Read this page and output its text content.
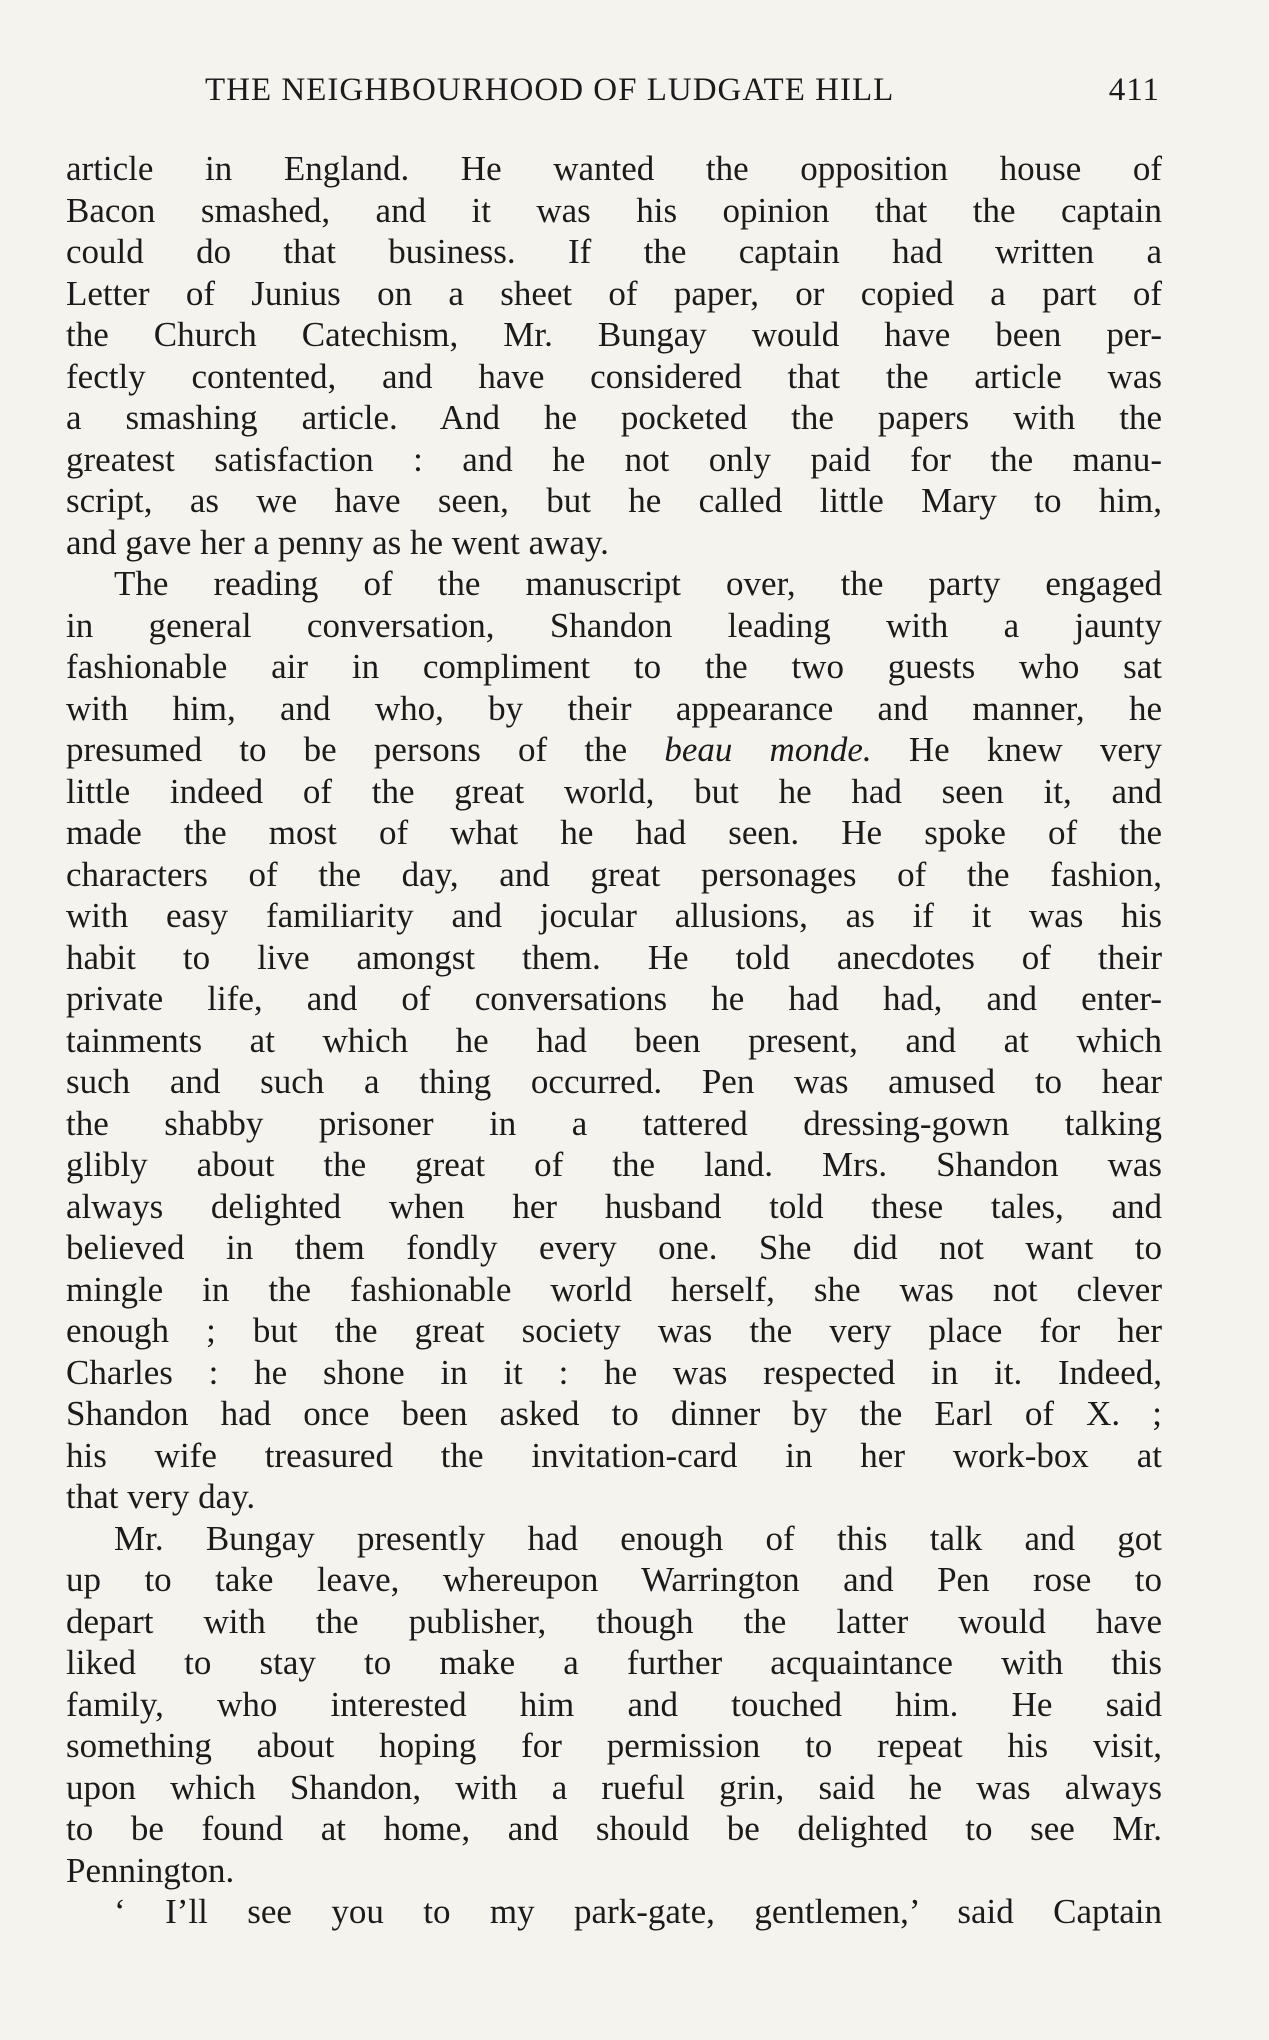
THE NEIGHBOURHOOD OF LUDGATE HILL	411
article in England. He wanted the opposition house of
Bacon smashed, and it was his opinion that the captain
could do that business. If the captain had written a
Letter of Junius on a sheet of paper, or copied a part of
the Church Catechism, Mr. Bungay would have been per-
fectly contented, and have considered that the article was
a smashing article. And he pocketed the papers with the
greatest satisfaction : and he not only paid for the manu-
script, as we have seen, but he called little Mary to him,
and gave her a penny as he went away.
The reading of the manuscript over, the party engaged
in general conversation, Shandon leading with a jaunty
fashionable air in compliment to the two guests who sat
with him, and who, by their appearance and manner, he
presumed to be persons of the beau monde. He knew very
little indeed of the great world, but he had seen it, and
made the most of what he had seen. He spoke of the
characters of the day, and great personages of the fashion,
with easy familiarity and jocular allusions, as if it was his
habit to live amongst them. He told anecdotes of their
private life, and of conversations he had had, and enter-
tainments at which he had been present, and at which
such and such a thing occurred. Pen was amused to hear
the shabby prisoner in a tattered dressing-gown talking
glibly about the great of the land. Mrs. Shandon was
always delighted when her husband told these tales, and
believed in them fondly every one. She did not want to
mingle in the fashionable world herself, she was not clever
enough ; but the great society was the very place for her
Charles : he shone in it : he was respected in it. Indeed,
Shandon had once been asked to dinner by the Earl of X. ;
his wife treasured the invitation-card in her work-box at
that very day.
Mr. Bungay presently had enough of this talk and got
up to take leave, whereupon Warrington and Pen rose to
depart with the publisher, though the latter would have
liked to stay to make a further acquaintance with this
family, who interested him and touched him. He said
something about hoping for permission to repeat his visit,
upon which Shandon, with a rueful grin, said he was always
to be found at home, and should be delighted to see Mr.
Pennington.
‘ I’ll see you to my park-gate, gentlemen,’ said Captain
